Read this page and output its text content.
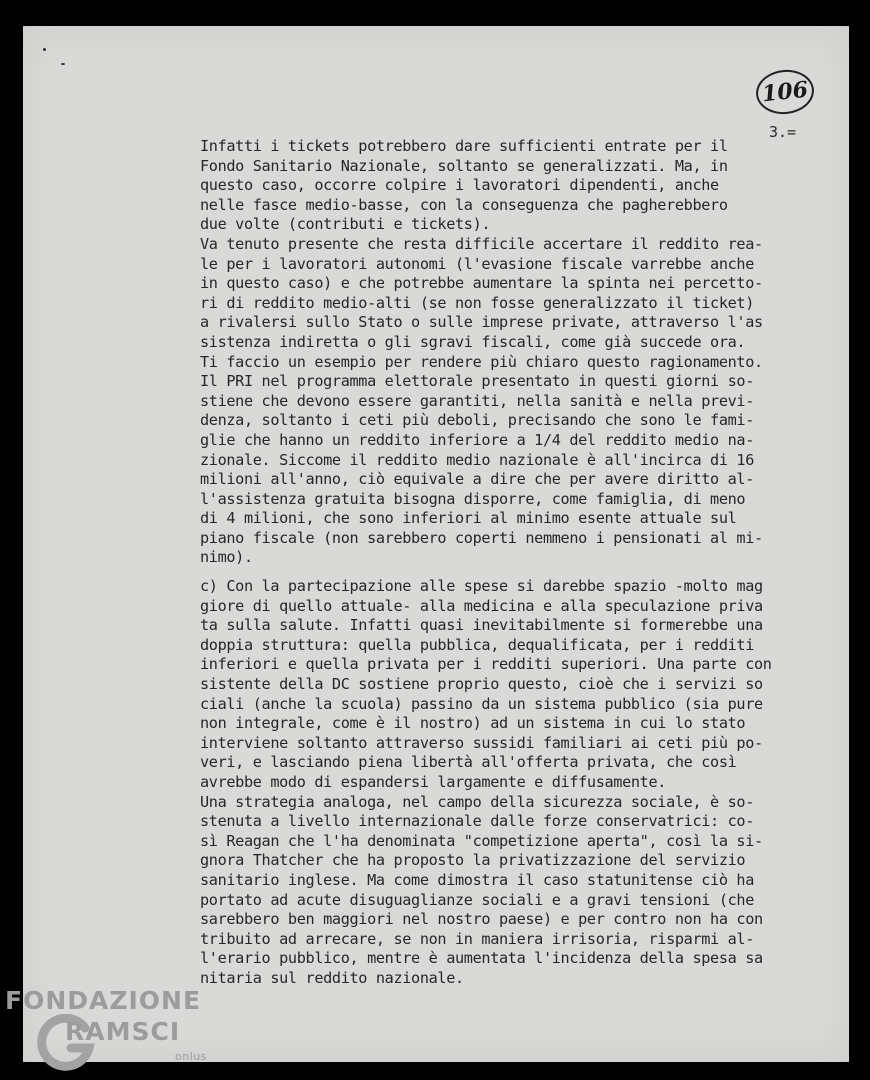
106
3.=
Infatti i tickets potrebbero dare sufficienti entrate per il
Fondo Sanitario Nazionale, soltanto se generalizzati. Ma, in
questo caso, occorre colpire i lavoratori dipendenti, anche
nelle fasce medio-basse, con la conseguenza che pagherebbero
due volte (contributi e tickets).
Va tenuto presente che resta difficile accertare il reddito rea-
le per i lavoratori autonomi (l'evasione fiscale varrebbe anche
in questo caso) e che potrebbe aumentare la spinta nei percetto-
ri di reddito medio-alti (se non fosse generalizzato il ticket)
a rivalersi sullo Stato o sulle imprese private, attraverso l'as
sistenza indiretta o gli sgravi fiscali, come già succede ora.
Ti faccio un esempio per rendere più chiaro questo ragionamento.
Il PRI nel programma elettorale presentato in questi giorni so-
stiene che devono essere garantiti, nella sanità e nella previ-
denza, soltanto i ceti più deboli, precisando che sono le fami-
glie che hanno un reddito inferiore a 1/4 del reddito medio na-
zionale. Siccome il reddito medio nazionale è all'incirca di 16
milioni all'anno, ciò equivale a dire che per avere diritto al-
l'assistenza gratuita bisogna disporre, come famiglia, di meno
di 4 milioni, che sono inferiori al minimo esente attuale sul
piano fiscale (non sarebbero coperti nemmeno i pensionati al mi-
nimo).
c) Con la partecipazione alle spese si darebbe spazio -molto mag
giore di quello attuale- alla medicina e alla speculazione priva
ta sulla salute. Infatti quasi inevitabilmente si formerebbe una
doppia struttura: quella pubblica, dequalificata, per i redditi
inferiori e quella privata per i redditi superiori. Una parte con
sistente della DC sostiene proprio questo, cioè che i servizi so
ciali (anche la scuola) passino da un sistema pubblico (sia pure
non integrale, come è il nostro) ad un sistema in cui lo stato
interviene soltanto attraverso sussidi familiari ai ceti più po-
veri, e lasciando piena libertà all'offerta privata, che così
avrebbe modo di espandersi largamente e diffusamente.
Una strategia analoga, nel campo della sicurezza sociale, è so-
stenuta a livello internazionale dalle forze conservatrici: co-
sì Reagan che l'ha denominata "competizione aperta", così la si-
gnora Thatcher che ha proposto la privatizzazione del servizio
sanitario inglese. Ma come dimostra il caso statunitense ciò ha
portato ad acute disuguaglianze sociali e a gravi tensioni (che
sarebbero ben maggiori nel nostro paese) e per contro non ha con
tribuito ad arrecare, se non in maniera irrisoria, risparmi al-
l'erario pubblico, mentre è aumentata l'incidenza della spesa sa
nitaria sul reddito nazionale.
FONDAZIONE
RAMSCI
onlus
